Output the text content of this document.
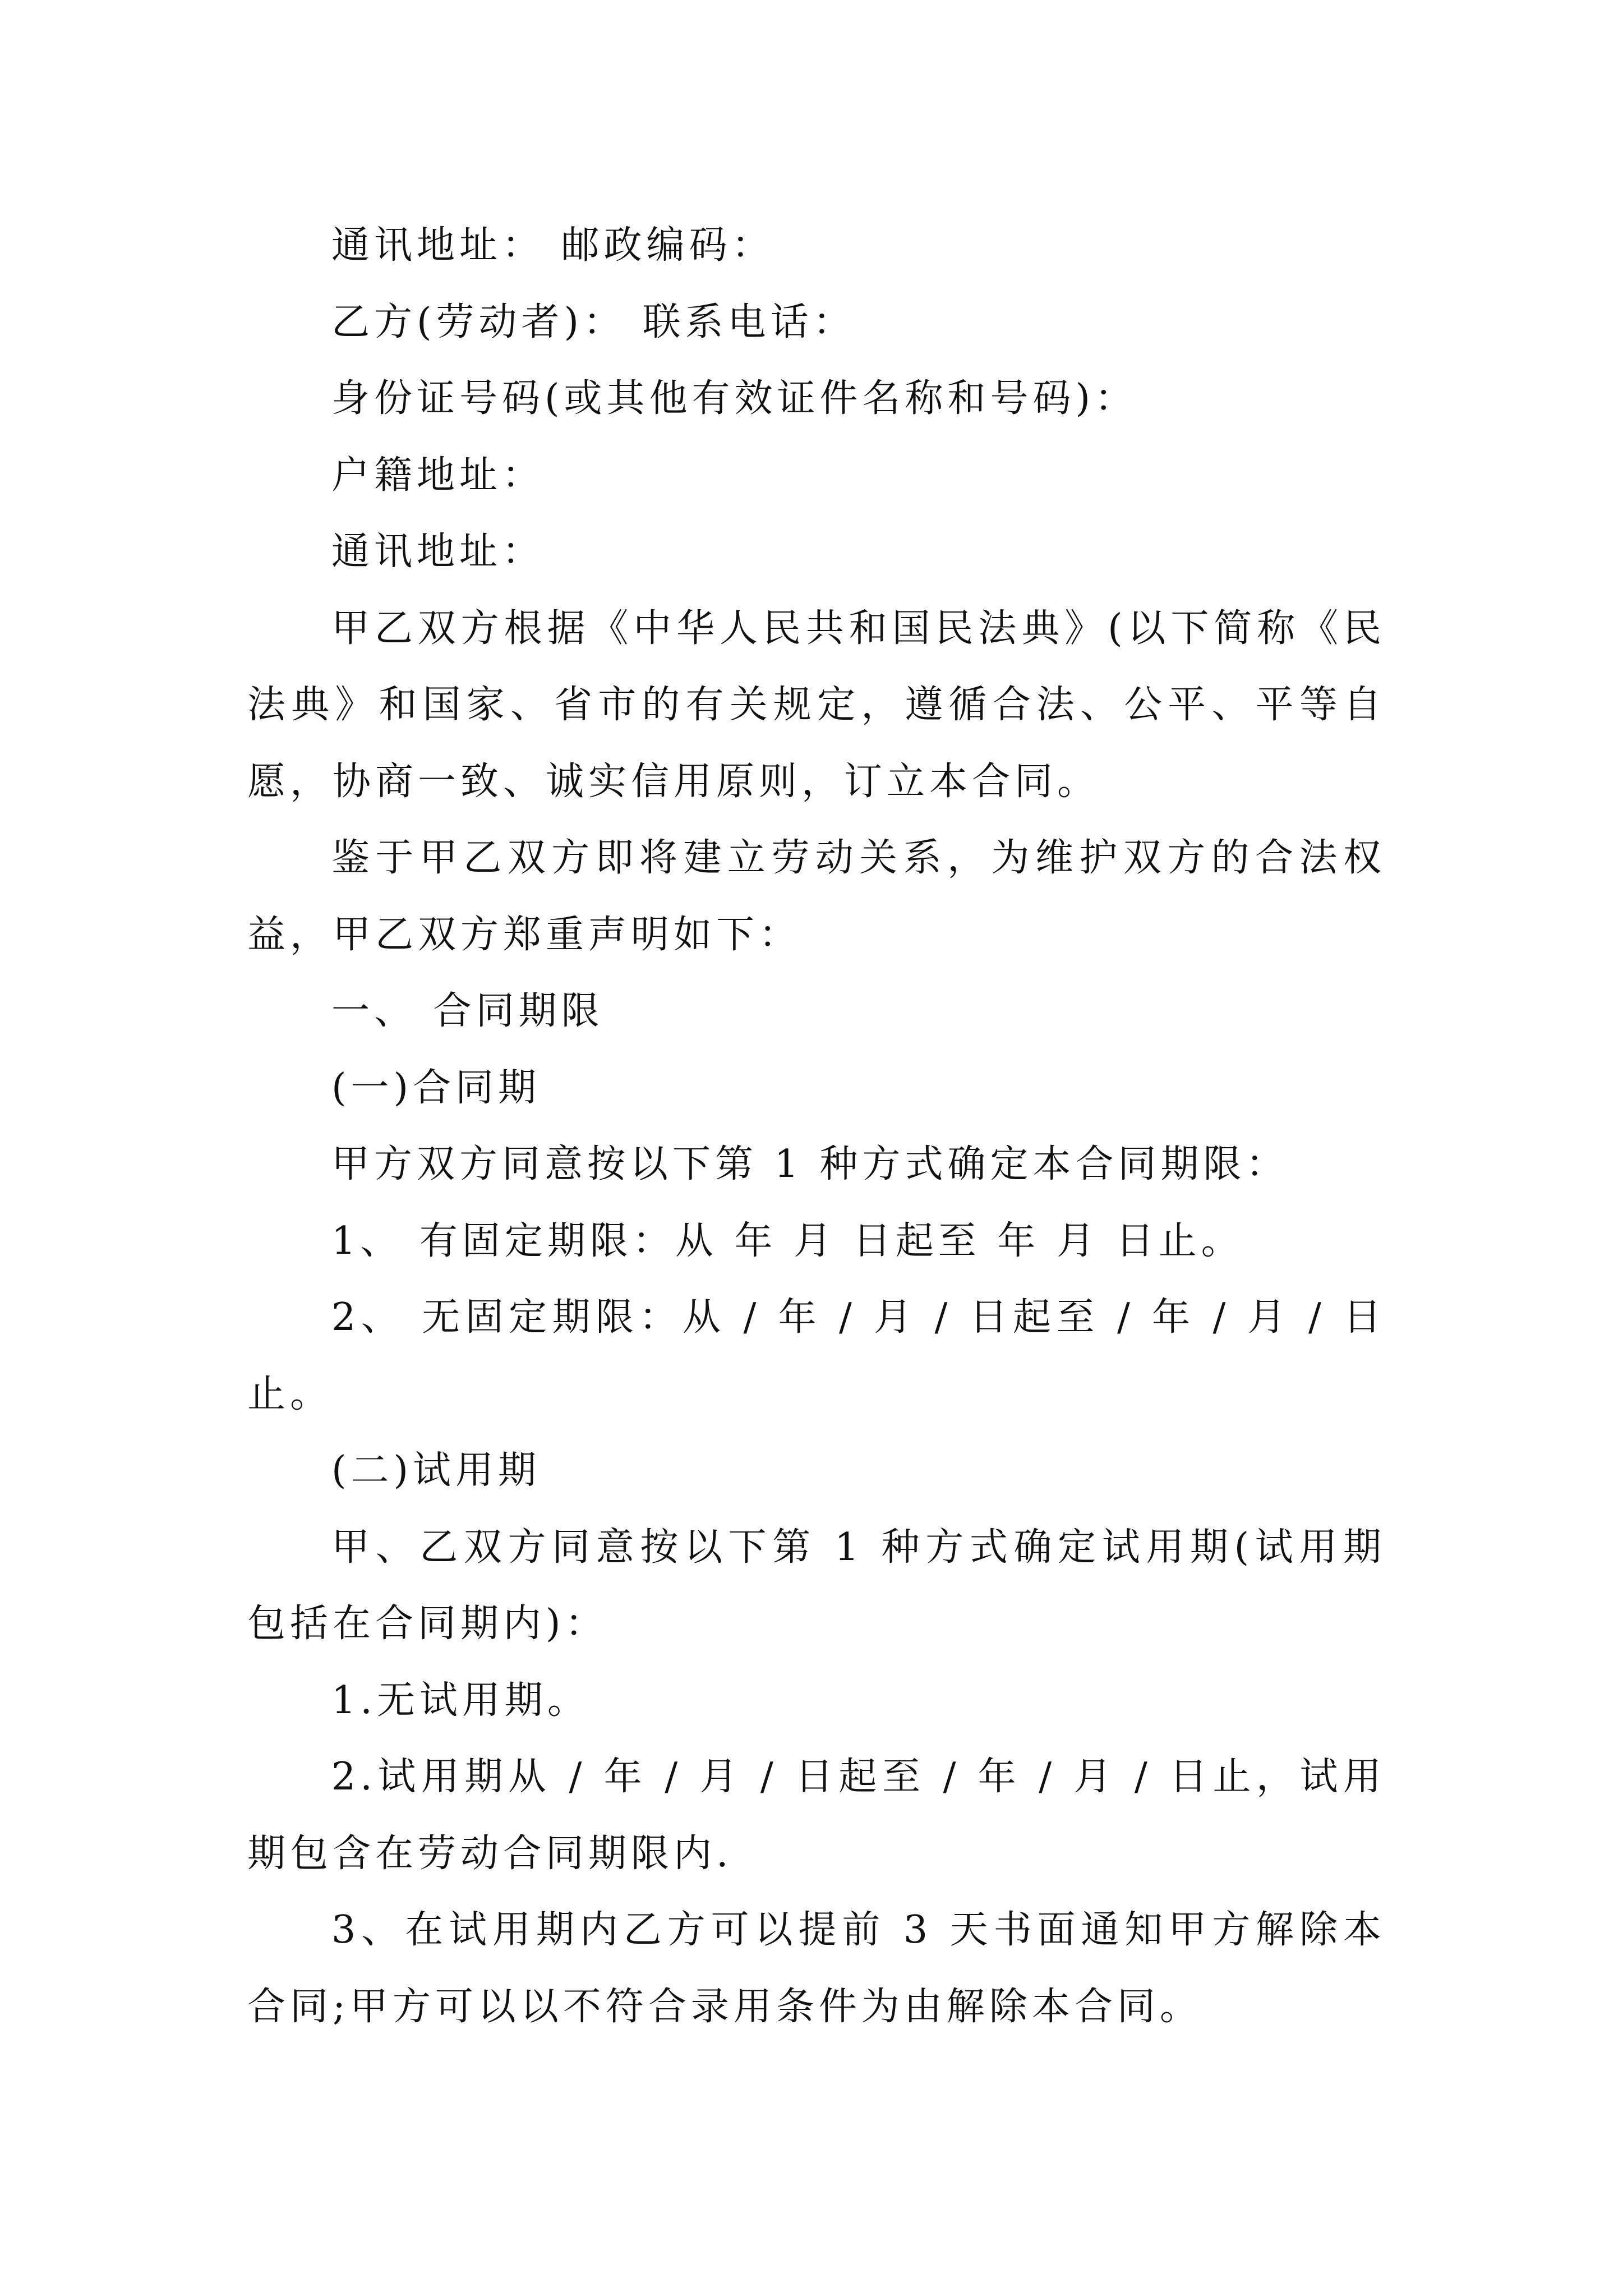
通讯地址： 邮政编码：

乙方(劳动者)： 联系电话：

身份证号码(或其他有效证件名称和号码)：

户籍地址：

通讯地址：

甲乙双方根据《中华人民共和国民法典》(以下简称《民法典》和国家、省市的有关规定，遵循合法、公平、平等自愿，协商一致、诚实信用原则，订立本合同。

鉴于甲乙双方即将建立劳动关系，为维护双方的合法权益，甲乙双方郑重声明如下：

一、 合同期限

(一)合同期

甲方双方同意按以下第 1 种方式确定本合同期限：

1、 有固定期限：从 年 月 日起至 年 月 日止。

2、 无固定期限：从 / 年 / 月 / 日起至 / 年 / 月 / 日止。

(二)试用期

甲、乙双方同意按以下第 1 种方式确定试用期(试用期包括在合同期内)：

1.无试用期。

2.试用期从 / 年 / 月 / 日起至 / 年 / 月 / 日止，试用期包含在劳动合同期限内.

3、在试用期内乙方可以提前 3 天书面通知甲方解除本合同;甲方可以以不符合录用条件为由解除本合同。
